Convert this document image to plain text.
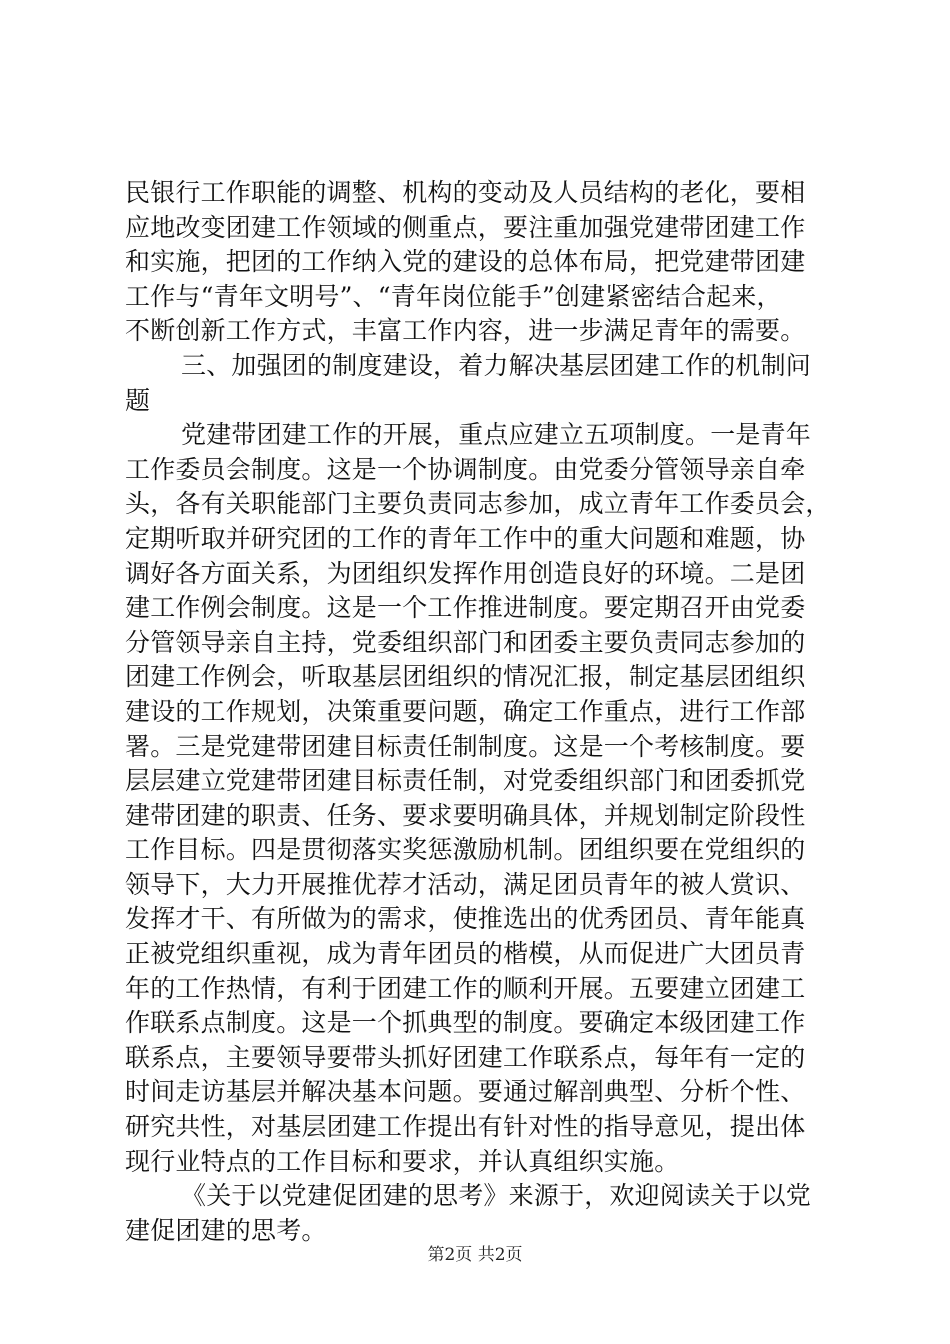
民银行工作职能的调整、机构的变动及人员结构的老化，要相
应地改变团建工作领域的侧重点，要注重加强党建带团建工作
和实施，把团的工作纳入党的建设的总体布局，把党建带团建
工作与“青年文明号”、“青年岗位能手”创建紧密结合起来，
不断创新工作方式，丰富工作内容，进一步满足青年的需要。
三、加强团的制度建设，着力解决基层团建工作的机制问
题
党建带团建工作的开展，重点应建立五项制度。一是青年
工作委员会制度。这是一个协调制度。由党委分管领导亲自牵
头，各有关职能部门主要负责同志参加，成立青年工作委员会，
定期听取并研究团的工作的青年工作中的重大问题和难题，协
调好各方面关系，为团组织发挥作用创造良好的环境。二是团
建工作例会制度。这是一个工作推进制度。要定期召开由党委
分管领导亲自主持，党委组织部门和团委主要负责同志参加的
团建工作例会，听取基层团组织的情况汇报，制定基层团组织
建设的工作规划，决策重要问题，确定工作重点，进行工作部
署。三是党建带团建目标责任制制度。这是一个考核制度。要
层层建立党建带团建目标责任制，对党委组织部门和团委抓党
建带团建的职责、任务、要求要明确具体，并规划制定阶段性
工作目标。四是贯彻落实奖惩激励机制。团组织要在党组织的
领导下，大力开展推优荐才活动，满足团员青年的被人赏识、
发挥才干、有所做为的需求，使推选出的优秀团员、青年能真
正被党组织重视，成为青年团员的楷模，从而促进广大团员青
年的工作热情，有利于团建工作的顺利开展。五要建立团建工
作联系点制度。这是一个抓典型的制度。要确定本级团建工作
联系点，主要领导要带头抓好团建工作联系点，每年有一定的
时间走访基层并解决基本问题。要通过解剖典型、分析个性、
研究共性，对基层团建工作提出有针对性的指导意见，提出体
现行业特点的工作目标和要求，并认真组织实施。
《关于以党建促团建的思考》来源于，欢迎阅读关于以党
建促团建的思考。
第2页 共2页
